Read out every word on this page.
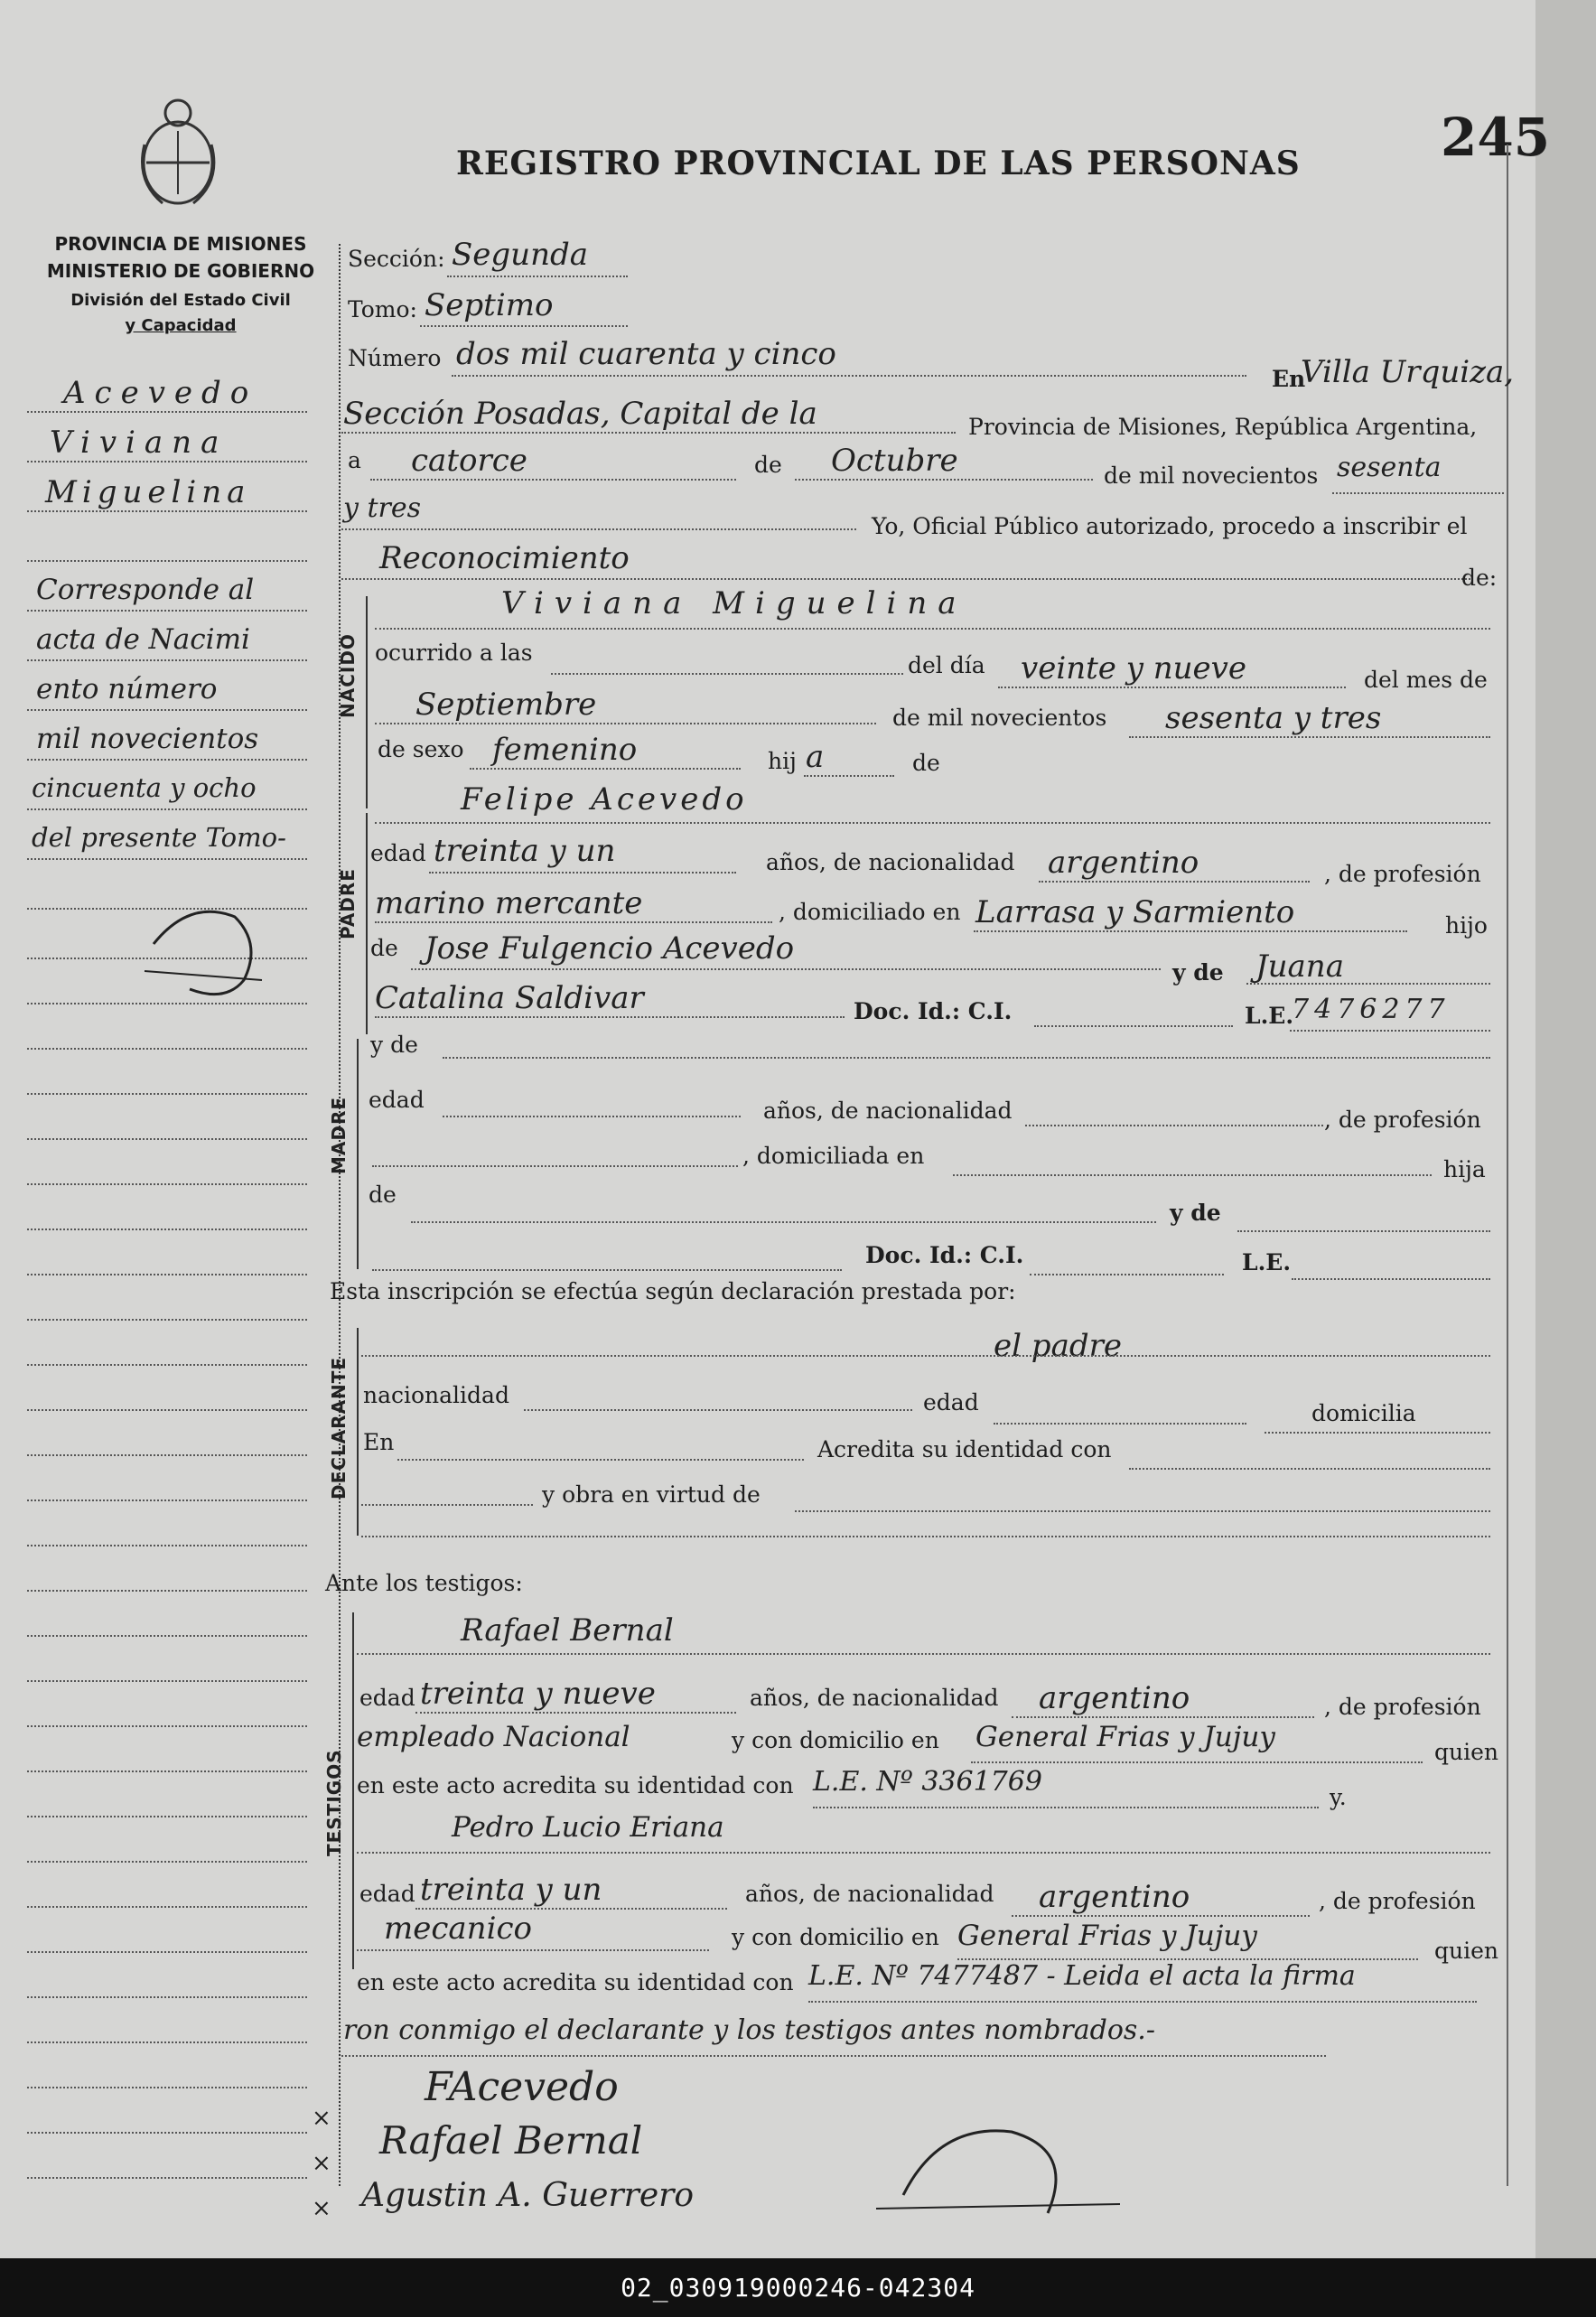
PROVINCIA DE MISIONES
MINISTERIO DE GOBIERNO
División del Estado Civil
y Capacidad
REGISTRO PROVINCIAL DE LAS PERSONAS	245
Acevedo
Viviana
Miguelina
Corresponde al
acta de Nacimi
ento número
mil novecientos
cincuenta y ocho
del presente Tomo-
Sección: Segunda
Tomo: Septimo
Número dos mil cuarenta y cinco
En
Villa Urquiza,
Sección Posadas, Capital de la	Provincia de Misiones, República Argentina,
a catorce	de Octubre	de mil novecientos sesenta
y tres
Yo, Oficial Público autorizado, procedo a inscribir el
Reconocimiento
de:
NACIDO
Viviana Miguelina
ocurrido a las	del día veinte y nueve	del mes de
Septiembre	de mil novecientos sesenta y tres
de sexo femenino	hij a	de
PADRE
Felipe Acevedo
edad treinta y un	años, de nacionalidad argentino	, de profesión
marino mercante	, domiciliado en Larrasa y Sarmiento	hijo
de Jose Fulgencio Acevedo
y de Juana
Catalina Saldivar	Doc. Id.: C.I.	L.E.
7476277
MADRE
y de
edad	años, de nacionalidad	, de profesión
, domiciliada en
hija
de
y de
Doc. Id.: C.I.	L.E.
Esta inscripción se efectúa según declaración prestada por:
DECLARANTE
el padre
nacionalidad	edad	domicilia
En	Acredita su identidad con
y obra en virtud de
Ante los testigos:
TESTIGOS
Rafael Bernal
edad treinta y nueve	años, de nacionalidad argentino	, de profesión
empleado Nacional	y con domicilio en General Frias y Jujuy	quien
en este acto acredita su identidad con L.E. Nº 3361769	y.
Pedro Lucio Eriana
edad treinta y un	años, de nacionalidad argentino	, de profesión
mecanico	y con domicilio en General Frias y Jujuy	quien
en este acto acredita su identidad con L.E. Nº 7477487 - Leida el acta la firma
ron conmigo el declarante y los testigos antes nombrados.-
FAcevedo
Rafael Bernal
Agustin A. Guerrero
×
×
×
02_030919000246-042304
